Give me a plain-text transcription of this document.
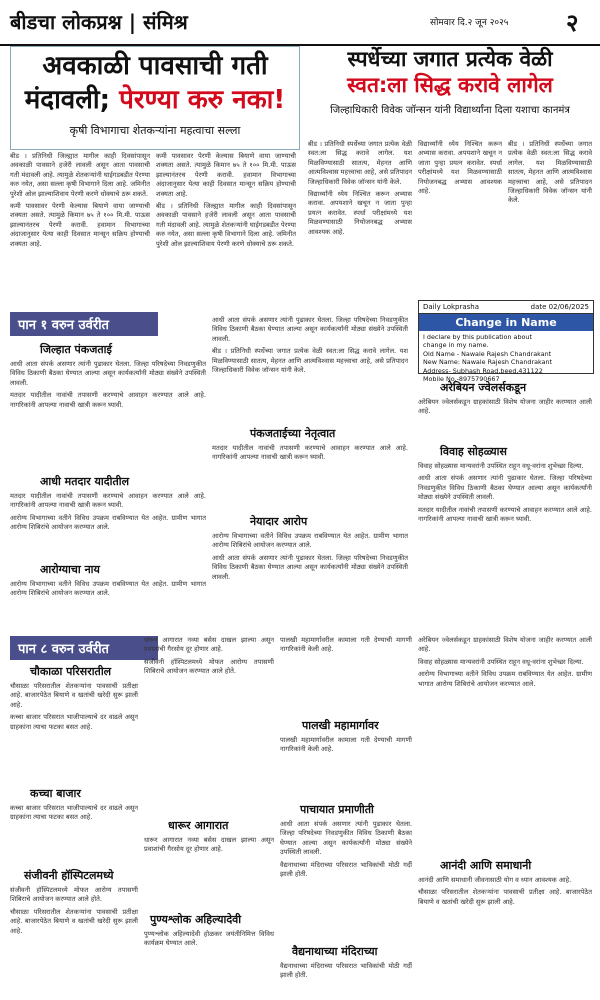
बीडचा लोकप्रश्न | संमिश्र	सोमवार दि.२ जून २०२५ २
अवकाळी पावसाची गती
मंदावली; पेरण्या करु नका!
कृषी विभागाचा शेतकऱ्यांना महत्वाचा सल्ला
स्पर्धेच्या जगात प्रत्येक वेळी
स्वत:ला सिद्ध करावे लागेल
जिल्हाधिकारी विवेक जॉन्सन यांनी विद्यार्थ्यांना दिला यशाचा कानमंत्र

बीड । प्रतिनिधी जिल्ह्यात मागील काही दिवसांपासून अवकाळी पावसाने हजेरी लावली असून आता पावसाची गती मंदावली आहे. त्यामुळे शेतकऱ्यांनी घाईगडबडीत पेरण्या करु नयेत, असा सल्ला कृषी विभागाने दिला आहे. जमिनीत पुरेशी ओल झाल्याशिवाय पेरणी करणे धोक्याचे ठरू शकते.

कमी पावसावर पेरणी केल्यास बियाणे वाया जाण्याची शक्यता असते. त्यामुळे किमान ७५ ते १०० मि.मी. पाऊस झाल्यानंतरच पेरणी करावी. हवामान विभागाच्या अंदाजानुसार येत्या काही दिवसात मान्सून सक्रिय होण्याची शक्यता आहे.

कमी पावसावर पेरणी केल्यास बियाणे वाया जाण्याची शक्यता असते. त्यामुळे किमान ७५ ते १०० मि.मी. पाऊस झाल्यानंतरच पेरणी करावी. हवामान विभागाच्या अंदाजानुसार येत्या काही दिवसात मान्सून सक्रिय होण्याची शक्यता आहे.

बीड । प्रतिनिधी जिल्ह्यात मागील काही दिवसांपासून अवकाळी पावसाने हजेरी लावली असून आता पावसाची गती मंदावली आहे. त्यामुळे शेतकऱ्यांनी घाईगडबडीत पेरण्या करु नयेत, असा सल्ला कृषी विभागाने दिला आहे. जमिनीत पुरेशी ओल झाल्याशिवाय पेरणी करणे धोक्याचे ठरू शकते.

बीड । प्रतिनिधी स्पर्धेच्या जगात प्रत्येक वेळी स्वत:ला सिद्ध करावे लागेल. यश मिळविण्यासाठी सातत्य, मेहनत आणि आत्मविश्वास महत्त्वाचा आहे, असे प्रतिपादन जिल्हाधिकारी विवेक जॉन्सन यांनी केले.

विद्यार्थ्यांनी ध्येय निश्चित करून अभ्यास करावा. अपयशाने खचून न जाता पुन्हा प्रयत्न करावेत. स्पर्धा परीक्षांमध्ये यश मिळवण्यासाठी नियोजनबद्ध अभ्यास आवश्यक आहे.

विद्यार्थ्यांनी ध्येय निश्चित करून अभ्यास करावा. अपयशाने खचून न जाता पुन्हा प्रयत्न करावेत. स्पर्धा परीक्षांमध्ये यश मिळवण्यासाठी नियोजनबद्ध अभ्यास आवश्यक आहे.

बीड । प्रतिनिधी स्पर्धेच्या जगात प्रत्येक वेळी स्वत:ला सिद्ध करावे लागेल. यश मिळविण्यासाठी सातत्य, मेहनत आणि आत्मविश्वास महत्त्वाचा आहे, असे प्रतिपादन जिल्हाधिकारी विवेक जॉन्सन यांनी केले.

Daily Lokprasha	date 02/06/2025
Change in Name
I declare by this publication about
change in my name.
Old Name - Nawale Rajesh Chandrakant
New Name: Nawale Rajesh Chandrakant
Address- Subhash Road,beed,431122
Mobile No.-8975790667
पान १ वरुन उर्वरीत
जिल्हात पंकजताई

आधी आता संपर्क असणार त्यांनी पुढाकार घेतला. जिल्हा परिषदेच्या निवडणुकीत विविध ठिकाणी बैठका घेण्यात आल्या असून कार्यकर्त्यांनी मोठ्या संख्येने उपस्थिती लावली.

मतदार यादीतील नावांची तपासणी करण्याचे आवाहन करण्यात आले आहे. नागरिकांनी आपल्या नावाची खात्री करून घ्यावी.

आधी मतदार यादीतील

मतदार यादीतील नावांची तपासणी करण्याचे आवाहन करण्यात आले आहे. नागरिकांनी आपल्या नावाची खात्री करून घ्यावी.

आरोग्य विभागाच्या वतीने विविध उपक्रम राबविण्यात येत आहेत. ग्रामीण भागात आरोग्य शिबिरांचे आयोजन करण्यात आले.

आरोग्याचा नाय

आरोग्य विभागाच्या वतीने विविध उपक्रम राबविण्यात येत आहेत. ग्रामीण भागात आरोग्य शिबिरांचे आयोजन करण्यात आले.

आधी आता संपर्क असणार त्यांनी पुढाकार घेतला. जिल्हा परिषदेच्या निवडणुकीत विविध ठिकाणी बैठका घेण्यात आल्या असून कार्यकर्त्यांनी मोठ्या संख्येने उपस्थिती लावली.

बीड । प्रतिनिधी स्पर्धेच्या जगात प्रत्येक वेळी स्वत:ला सिद्ध करावे लागेल. यश मिळविण्यासाठी सातत्य, मेहनत आणि आत्मविश्वास महत्त्वाचा आहे, असे प्रतिपादन जिल्हाधिकारी विवेक जॉन्सन यांनी केले.

पंकजताईच्या नेतृत्वात

मतदार यादीतील नावांची तपासणी करण्याचे आवाहन करण्यात आले आहे. नागरिकांनी आपल्या नावाची खात्री करून घ्यावी.

नेयादार आरोप

आरोग्य विभागाच्या वतीने विविध उपक्रम राबविण्यात येत आहेत. ग्रामीण भागात आरोग्य शिबिरांचे आयोजन करण्यात आले.

आधी आता संपर्क असणार त्यांनी पुढाकार घेतला. जिल्हा परिषदेच्या निवडणुकीत विविध ठिकाणी बैठका घेण्यात आल्या असून कार्यकर्त्यांनी मोठ्या संख्येने उपस्थिती लावली.

अरेबियन ज्वेलर्सकडून

अरेबियन ज्वेलर्सकडून ग्राहकांसाठी विशेष योजना जाहीर करण्यात आली आहे.

विवाह सोहळ्यास

विवाह सोहळ्यास मान्यवरांनी उपस्थित राहून वधू-वरांना शुभेच्छा दिल्या.

आधी आता संपर्क असणार त्यांनी पुढाकार घेतला. जिल्हा परिषदेच्या निवडणुकीत विविध ठिकाणी बैठका घेण्यात आल्या असून कार्यकर्त्यांनी मोठ्या संख्येने उपस्थिती लावली.

मतदार यादीतील नावांची तपासणी करण्याचे आवाहन करण्यात आले आहे. नागरिकांनी आपल्या नावाची खात्री करून घ्यावी.

पान ८ वरुन उर्वरीत
चौकाळा परिसरातील

चौसाळा परिसरातील शेतकऱ्यांना पावसाची प्रतीक्षा आहे. बाजारपेठेत बियाणे व खतांची खरेदी सुरू झाली आहे.

कच्चा बाजार परिसरात भाजीपाल्याचे दर वाढले असून ग्राहकांना त्याचा फटका बसत आहे.

कच्चा बाजार

कच्चा बाजार परिसरात भाजीपाल्याचे दर वाढले असून ग्राहकांना त्याचा फटका बसत आहे.

संजीवनी हॉस्पिटलमध्ये

संजीवनी हॉस्पिटलमध्ये मोफत आरोग्य तपासणी शिबिराचे आयोजन करण्यात आले होते.

चौसाळा परिसरातील शेतकऱ्यांना पावसाची प्रतीक्षा आहे. बाजारपेठेत बियाणे व खतांची खरेदी सुरू झाली आहे.

धारूर आगारात नव्या बसेस दाखल झाल्या असून प्रवाशांची गैरसोय दूर होणार आहे.

संजीवनी हॉस्पिटलमध्ये मोफत आरोग्य तपासणी शिबिराचे आयोजन करण्यात आले होते.

धारूर आगारात

धारूर आगारात नव्या बसेस दाखल झाल्या असून प्रवाशांची गैरसोय दूर होणार आहे.

पुण्यश्लोक अहिल्यादेवी

पुण्यश्लोक अहिल्यादेवी होळकर जयंतीनिमित्त विविध कार्यक्रम घेण्यात आले.

पालखी महामार्गावरील कामाला गती देण्याची मागणी नागरिकांनी केली आहे.

पालखी महामार्गावर

पालखी महामार्गावरील कामाला गती देण्याची मागणी नागरिकांनी केली आहे.

पाचायात प्रमाणीती

आधी आता संपर्क असणार त्यांनी पुढाकार घेतला. जिल्हा परिषदेच्या निवडणुकीत विविध ठिकाणी बैठका घेण्यात आल्या असून कार्यकर्त्यांनी मोठ्या संख्येने उपस्थिती लावली.

वैद्यनाथाच्या मंदिराच्या परिसरात भाविकांची मोठी गर्दी झाली होती.

वैद्यनाथाच्या मंदिराच्या

वैद्यनाथाच्या मंदिराच्या परिसरात भाविकांची मोठी गर्दी झाली होती.

अरेबियन ज्वेलर्सकडून ग्राहकांसाठी विशेष योजना जाहीर करण्यात आली आहे.

विवाह सोहळ्यास मान्यवरांनी उपस्थित राहून वधू-वरांना शुभेच्छा दिल्या.

आरोग्य विभागाच्या वतीने विविध उपक्रम राबविण्यात येत आहेत. ग्रामीण भागात आरोग्य शिबिरांचे आयोजन करण्यात आले.

आनंदी आणि समाधानी

आनंदी आणि समाधानी जीवनासाठी योग व ध्यान आवश्यक आहे.

चौसाळा परिसरातील शेतकऱ्यांना पावसाची प्रतीक्षा आहे. बाजारपेठेत बियाणे व खतांची खरेदी सुरू झाली आहे.
